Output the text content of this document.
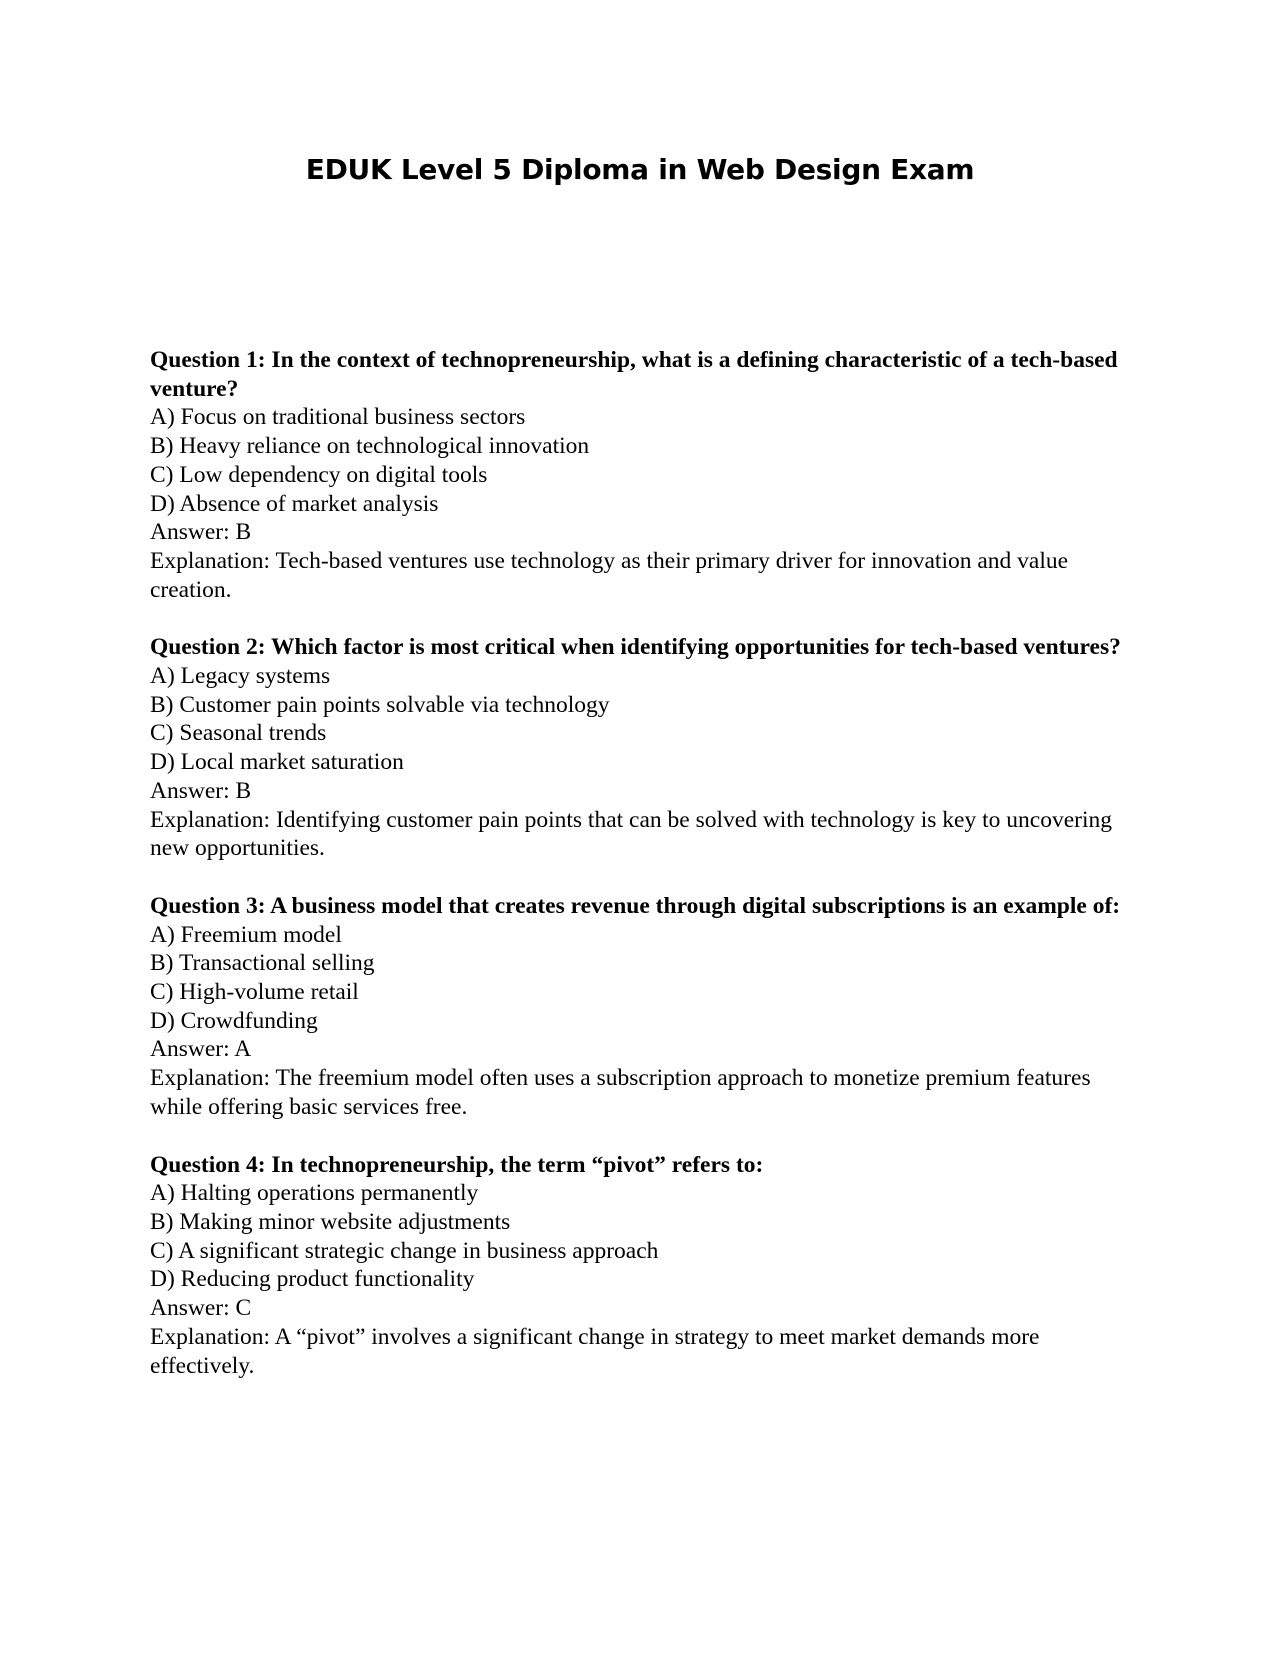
EDUK Level 5 Diploma in Web Design Exam

Question 1: In the context of technopreneurship, what is a defining characteristic of a tech-based venture?

A) Focus on traditional business sectors

B) Heavy reliance on technological innovation

C) Low dependency on digital tools

D) Absence of market analysis

Answer: B

Explanation: Tech-based ventures use technology as their primary driver for innovation and value creation.

Question 2: Which factor is most critical when identifying opportunities for tech-based ventures?

A) Legacy systems

B) Customer pain points solvable via technology

C) Seasonal trends

D) Local market saturation

Answer: B

Explanation: Identifying customer pain points that can be solved with technology is key to uncovering new opportunities.

Question 3: A business model that creates revenue through digital subscriptions is an example of:

A) Freemium model

B) Transactional selling

C) High-volume retail

D) Crowdfunding

Answer: A

Explanation: The freemium model often uses a subscription approach to monetize premium features while offering basic services free.

Question 4: In technopreneurship, the term “pivot” refers to:

A) Halting operations permanently

B) Making minor website adjustments

C) A significant strategic change in business approach

D) Reducing product functionality

Answer: C

Explanation: A “pivot” involves a significant change in strategy to meet market demands more effectively.
